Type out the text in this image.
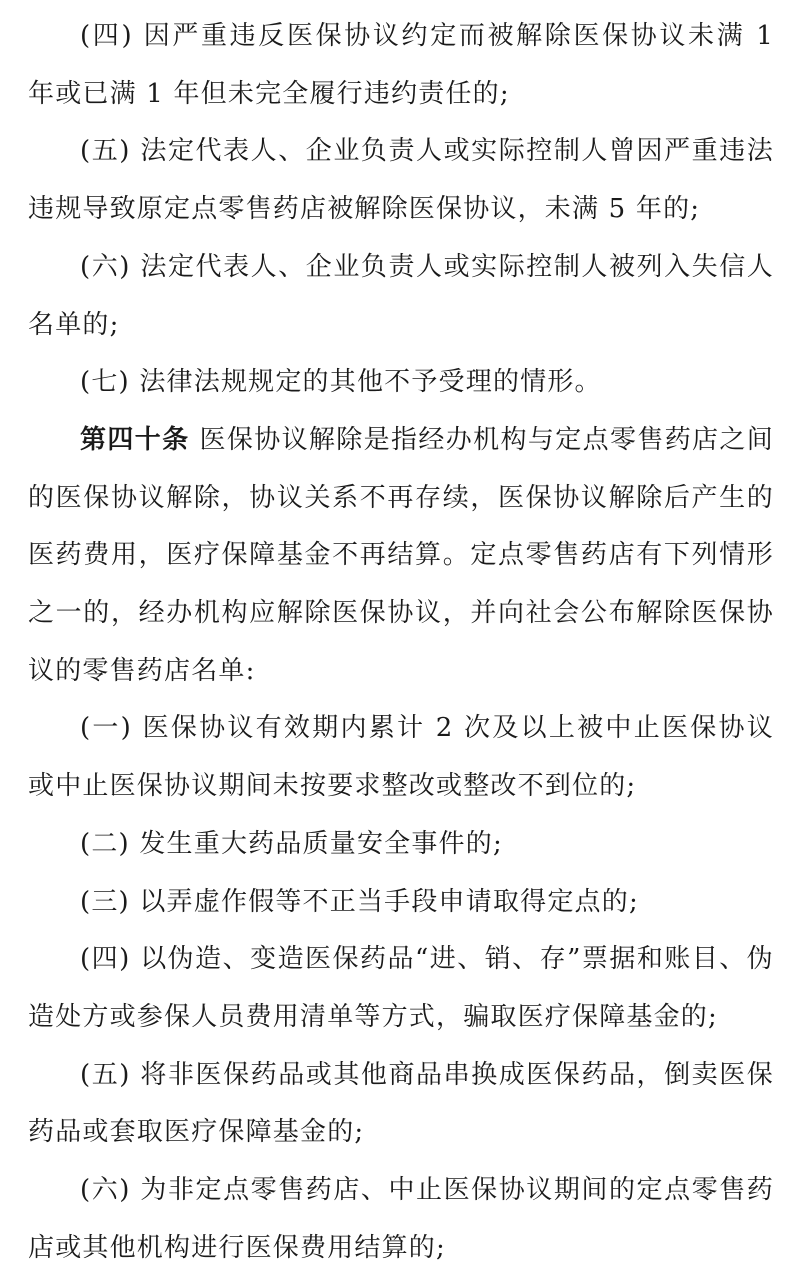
(四) 因严重违反医保协议约定而被解除医保协议未满 1 年或已满 1 年但未完全履行违约责任的;

(五) 法定代表人、企业负责人或实际控制人曾因严重违法违规导致原定点零售药店被解除医保协议，未满 5 年的;

(六) 法定代表人、企业负责人或实际控制人被列入失信人名单的;

(七) 法律法规规定的其他不予受理的情形。

第四十条 医保协议解除是指经办机构与定点零售药店之间的医保协议解除，协议关系不再存续，医保协议解除后产生的医药费用，医疗保障基金不再结算。定点零售药店有下列情形之一的，经办机构应解除医保协议，并向社会公布解除医保协议的零售药店名单:

(一) 医保协议有效期内累计 2 次及以上被中止医保协议或中止医保协议期间未按要求整改或整改不到位的;

(二) 发生重大药品质量安全事件的;

(三) 以弄虚作假等不正当手段申请取得定点的;

(四) 以伪造、变造医保药品“进、销、存”票据和账目、伪造处方或参保人员费用清单等方式，骗取医疗保障基金的;

(五) 将非医保药品或其他商品串换成医保药品，倒卖医保药品或套取医疗保障基金的;

(六) 为非定点零售药店、中止医保协议期间的定点零售药店或其他机构进行医保费用结算的;
